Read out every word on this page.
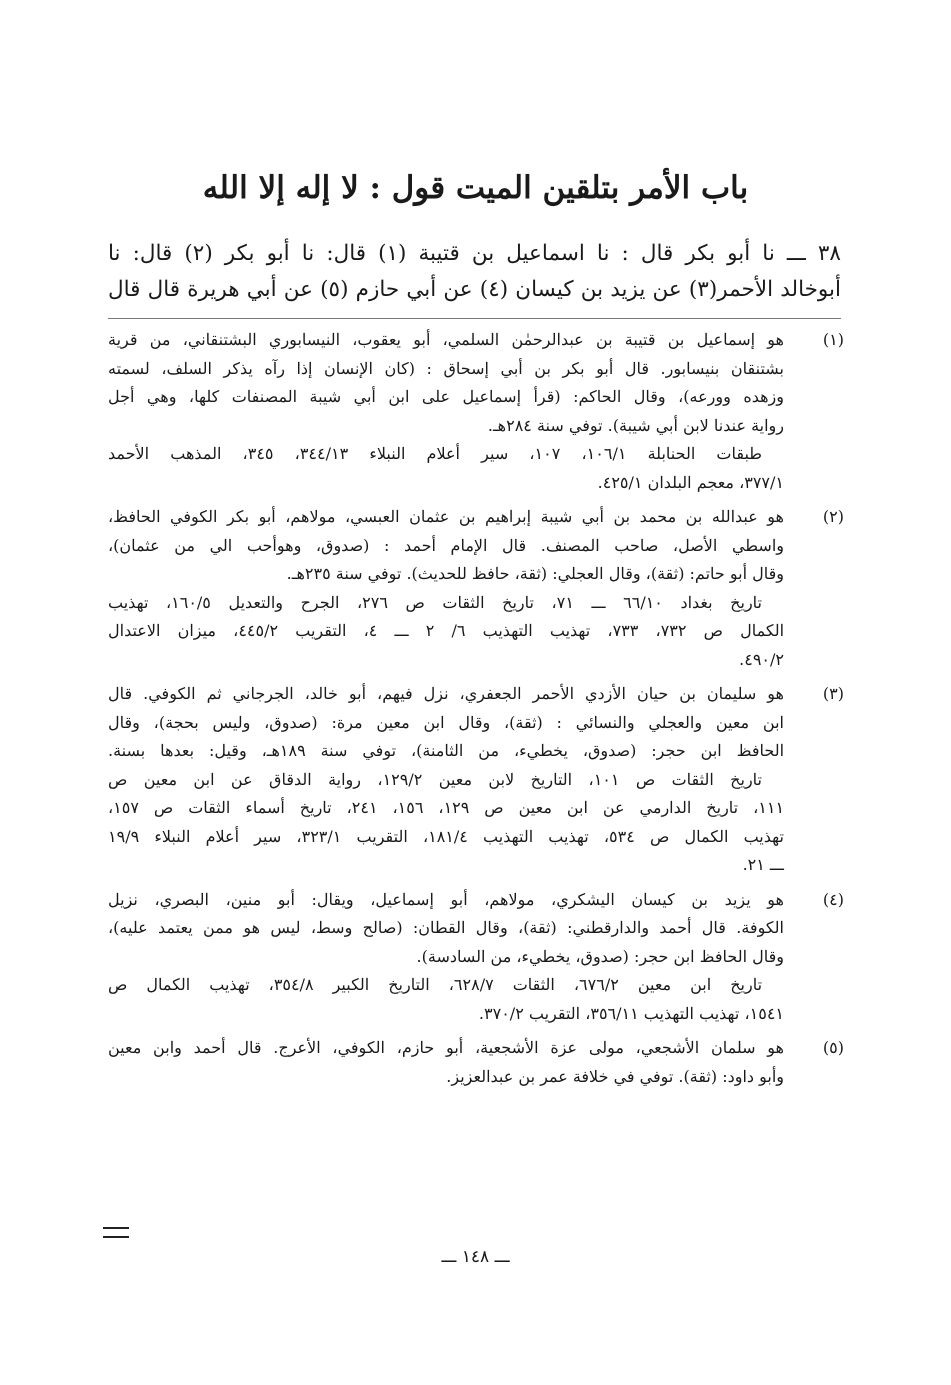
باب الأمر بتلقين الميت قول : لا إله إلا الله
٣٨ ـــ نا أبو بكر قال : نا اسماعيل بن قتيبة (١) قال: نا أبو بكر (٢) قال: نا
أبوخالد الأحمر(٣) عن يزيد بن كيسان (٤) عن أبي حازم (٥) عن أبي هريرة قال قال
(١)
هو إسماعيل بن قتيبة بن عبدالرحمٰن السلمي، أبو يعقوب، النيسابوري البشتنقاني، من قرية
بشتنقان بنيسابور. قال أبو بكر بن أبي إسحاق : (كان الإنسان إذا رآه يذكر السلف، لسمته
وزهده وورعه)، وقال الحاكم: (قرأ إسماعيل على ابن أبي شيبة المصنفات كلها، وهي أجل
رواية عندنا لابن أبي شيبة). توفي سنة ٢٨٤هـ.
طبقات الحنابلة ١٠٦/١، ١٠٧، سير أعلام النبلاء ٣٤٤/١٣، ٣٤٥، المذهب الأحمد
٣٧٧/١، معجم البلدان ٤٢٥/١.
(٢)
هو عبدالله بن محمد بن أبي شيبة إبراهيم بن عثمان العبسي، مولاهم، أبو بكر الكوفي الحافظ،
واسطي الأصل، صاحب المصنف. قال الإمام أحمد : (صدوق، وهوأحب الي من عثمان)،
وقال أبو حاتم: (ثقة)، وقال العجلي: (ثقة، حافظ للحديث). توفي سنة ٢٣٥هـ.
تاريخ بغداد ٦٦/١٠ ـــ ٧١، تاريخ الثقات ص ٢٧٦، الجرح والتعديل ١٦٠/٥، تهذيب
الكمال ص ٧٣٢، ٧٣٣، تهذيب التهذيب ٦/ ٢ ـــ ٤، التقريب ٤٤٥/٢، ميزان الاعتدال
٤٩٠/٢.
(٣)
هو سليمان بن حيان الأزدي الأحمر الجعفري، نزل فيهم، أبو خالد، الجرجاني ثم الكوفي. قال
ابن معين والعجلي والنسائي : (ثقة)، وقال ابن معين مرة: (صدوق، وليس بحجة)، وقال
الحافظ ابن حجر: (صدوق، يخطيء، من الثامنة)، توفي سنة ١٨٩هـ، وقيل: بعدها بسنة.
تاريخ الثقات ص ١٠١، التاريخ لابن معين ١٢٩/٢، رواية الدقاق عن ابن معين ص
١١١، تاريخ الدارمي عن ابن معين ص ١٢٩، ١٥٦، ٢٤١، تاريخ أسماء الثقات ص ١٥٧،
تهذيب الكمال ص ٥٣٤، تهذيب التهذيب ١٨١/٤، التقريب ٣٢٣/١، سير أعلام النبلاء ١٩/٩
ـــ ٢١.
(٤)
هو يزيد بن كيسان اليشكري، مولاهم، أبو إسماعيل، ويقال: أبو منين، البصري، نزيل
الكوفة. قال أحمد والدارقطني: (ثقة)، وقال القطان: (صالح وسط، ليس هو ممن يعتمد عليه)،
وقال الحافظ ابن حجر: (صدوق، يخطيء، من السادسة).
تاريخ ابن معين ٦٧٦/٢، الثقات ٦٢٨/٧، التاريخ الكبير ٣٥٤/٨، تهذيب الكمال ص
١٥٤١، تهذيب التهذيب ٣٥٦/١١، التقريب ٣٧٠/٢.
(٥)
هو سلمان الأشجعي، مولى عزة الأشجعية، أبو حازم، الكوفي، الأعرج. قال أحمد وابن معين
وأبو داود: (ثقة). توفي في خلافة عمر بن عبدالعزيز.
ـــ ١٤٨ ـــ
